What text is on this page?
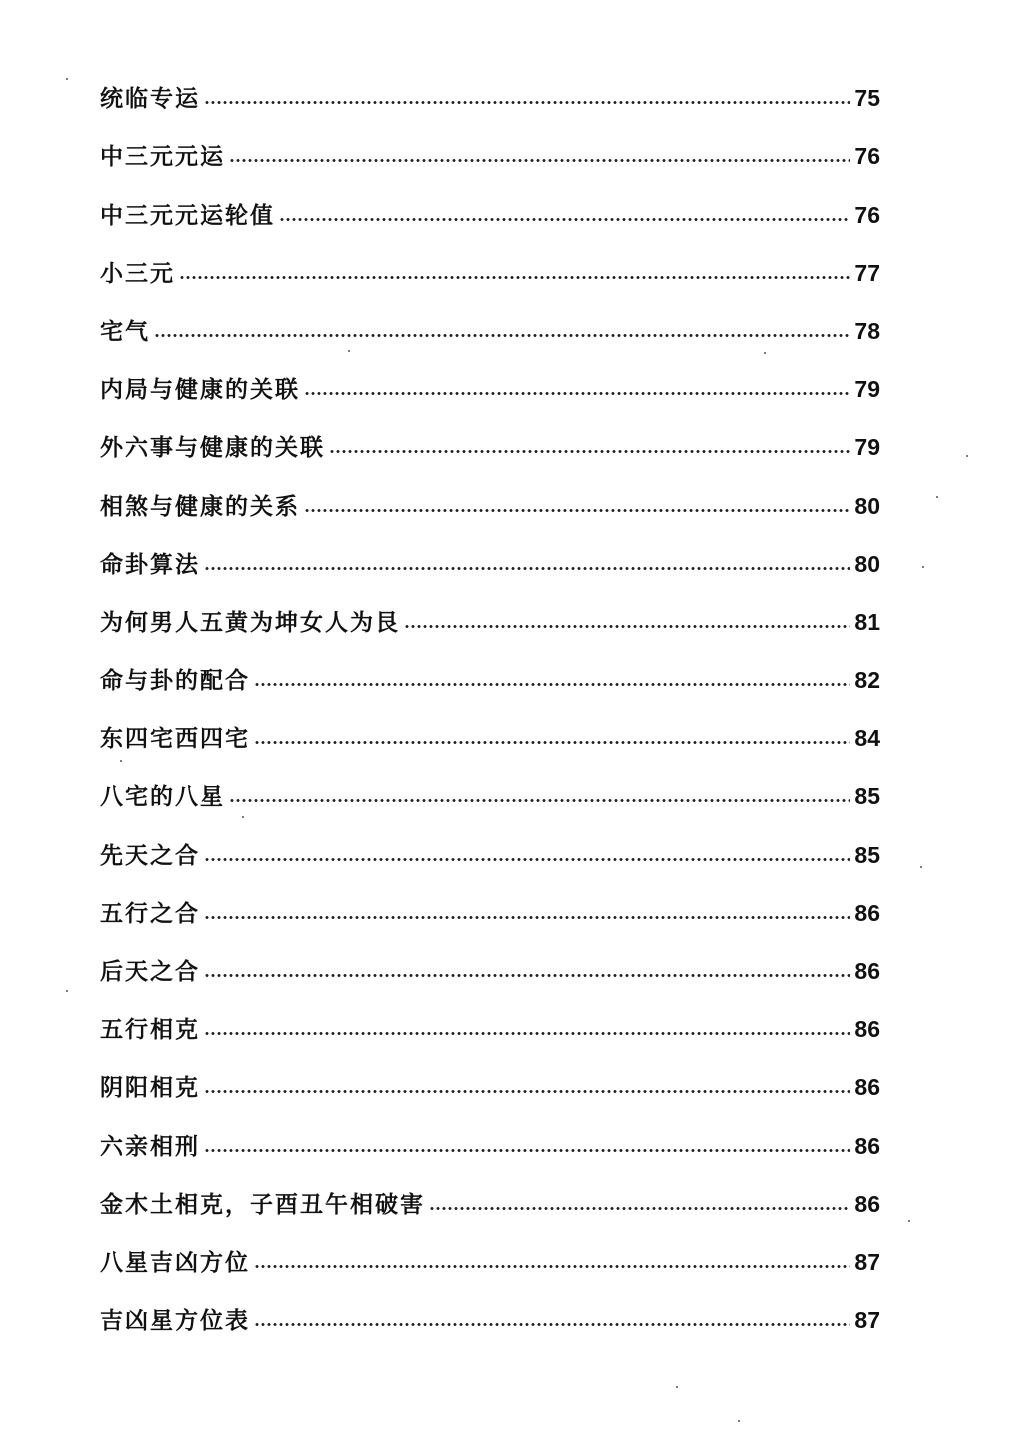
统临专运	75
中三元元运	76
中三元元运轮值	76
小三元	77
宅气	78
内局与健康的关联	79
外六事与健康的关联	79
相煞与健康的关系	80
命卦算法	80
为何男人五黄为坤女人为艮	81
命与卦的配合	82
东四宅西四宅	84
八宅的八星	85
先天之合	85
五行之合	86
后天之合	86
五行相克	86
阴阳相克	86
六亲相刑	86
金木土相克，子酉丑午相破害	86
八星吉凶方位	87
吉凶星方位表	87
